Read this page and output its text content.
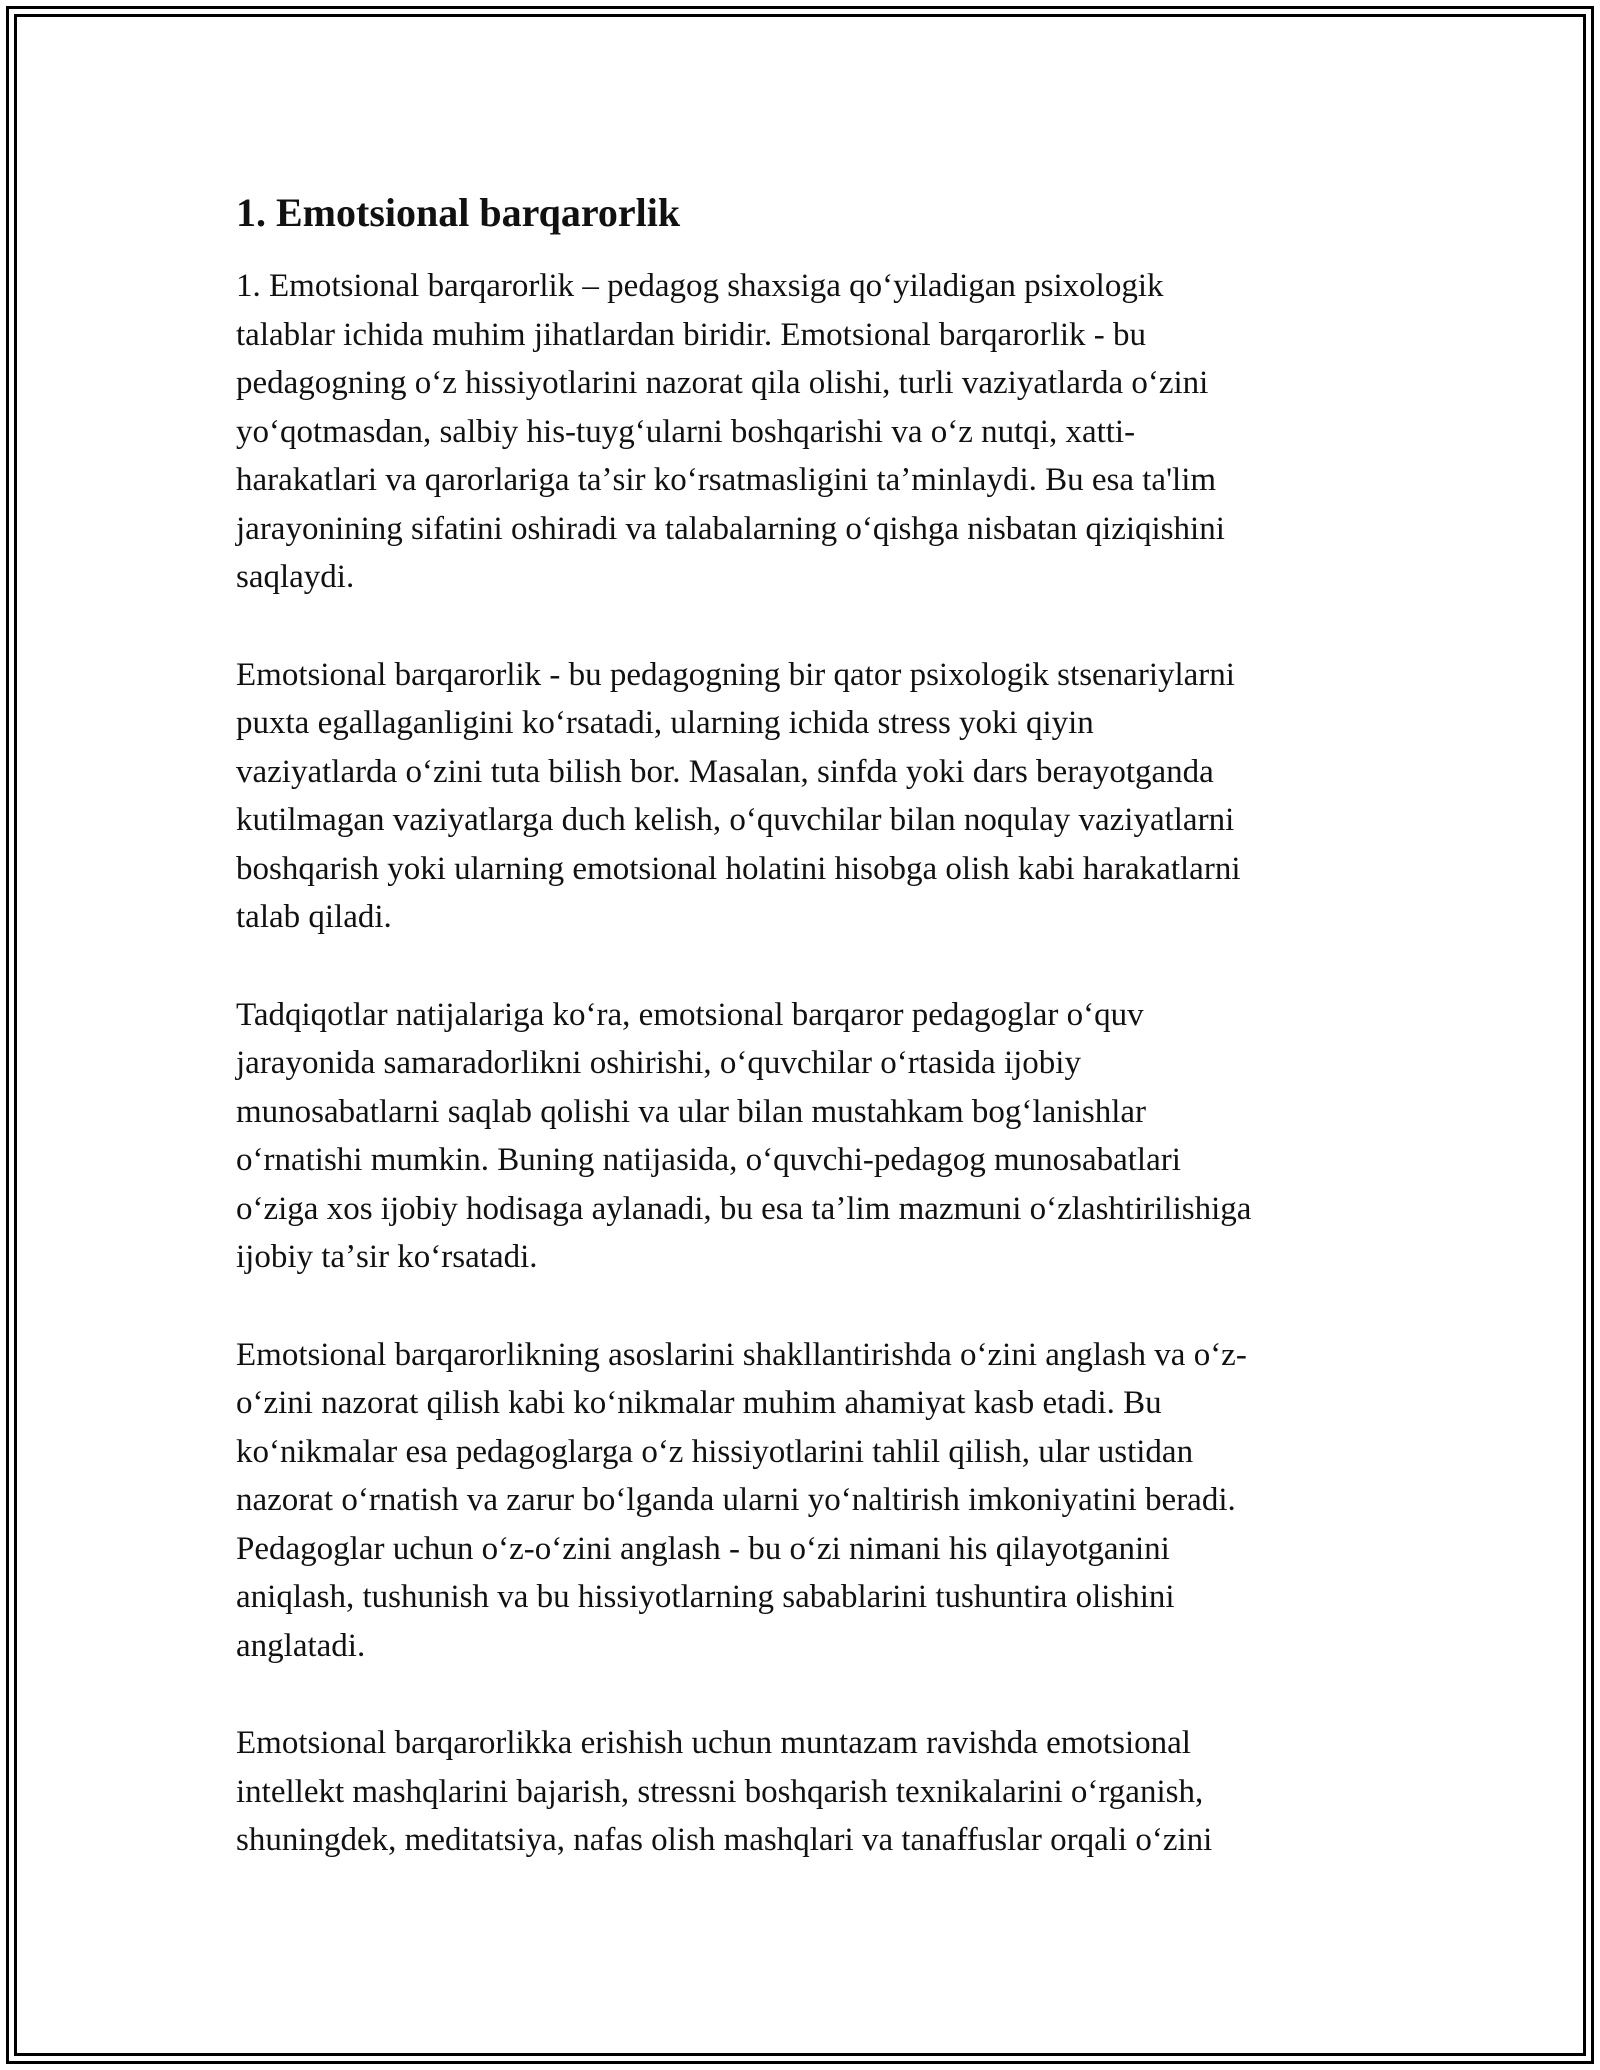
1. Emotsional barqarorlik

1. Emotsional barqarorlik – pedagog shaxsiga qoʻyiladigan psixologik
talablar ichida muhim jihatlardan biridir. Emotsional barqarorlik - bu
pedagogning oʻz hissiyotlarini nazorat qila olishi, turli vaziyatlarda oʻzini
yoʻqotmasdan, salbiy his-tuygʻularni boshqarishi va oʻz nutqi, xatti-
harakatlari va qarorlariga taʼsir koʻrsatmasligini taʼminlaydi. Bu esa ta'lim
jarayonining sifatini oshiradi va talabalarning oʻqishga nisbatan qiziqishini
saqlaydi.

Emotsional barqarorlik - bu pedagogning bir qator psixologik stsenariylarni
puxta egallaganligini koʻrsatadi, ularning ichida stress yoki qiyin
vaziyatlarda oʻzini tuta bilish bor. Masalan, sinfda yoki dars berayotganda
kutilmagan vaziyatlarga duch kelish, oʻquvchilar bilan noqulay vaziyatlarni
boshqarish yoki ularning emotsional holatini hisobga olish kabi harakatlarni
talab qiladi.

Tadqiqotlar natijalariga koʻra, emotsional barqaror pedagoglar oʻquv
jarayonida samaradorlikni oshirishi, oʻquvchilar oʻrtasida ijobiy
munosabatlarni saqlab qolishi va ular bilan mustahkam bogʻlanishlar
oʻrnatishi mumkin. Buning natijasida, oʻquvchi-pedagog munosabatlari
oʻziga xos ijobiy hodisaga aylanadi, bu esa taʼlim mazmuni oʻzlashtirilishiga
ijobiy taʼsir koʻrsatadi.

Emotsional barqarorlikning asoslarini shakllantirishda oʻzini anglash va oʻz-
oʻzini nazorat qilish kabi koʻnikmalar muhim ahamiyat kasb etadi. Bu
koʻnikmalar esa pedagoglarga oʻz hissiyotlarini tahlil qilish, ular ustidan
nazorat oʻrnatish va zarur boʻlganda ularni yoʻnaltirish imkoniyatini beradi.
Pedagoglar uchun oʻz-oʻzini anglash - bu oʻzi nimani his qilayotganini
aniqlash, tushunish va bu hissiyotlarning sabablarini tushuntira olishini
anglatadi.

Emotsional barqarorlikka erishish uchun muntazam ravishda emotsional
intellekt mashqlarini bajarish, stressni boshqarish texnikalarini oʻrganish,
shuningdek, meditatsiya, nafas olish mashqlari va tanaffuslar orqali oʻzini
